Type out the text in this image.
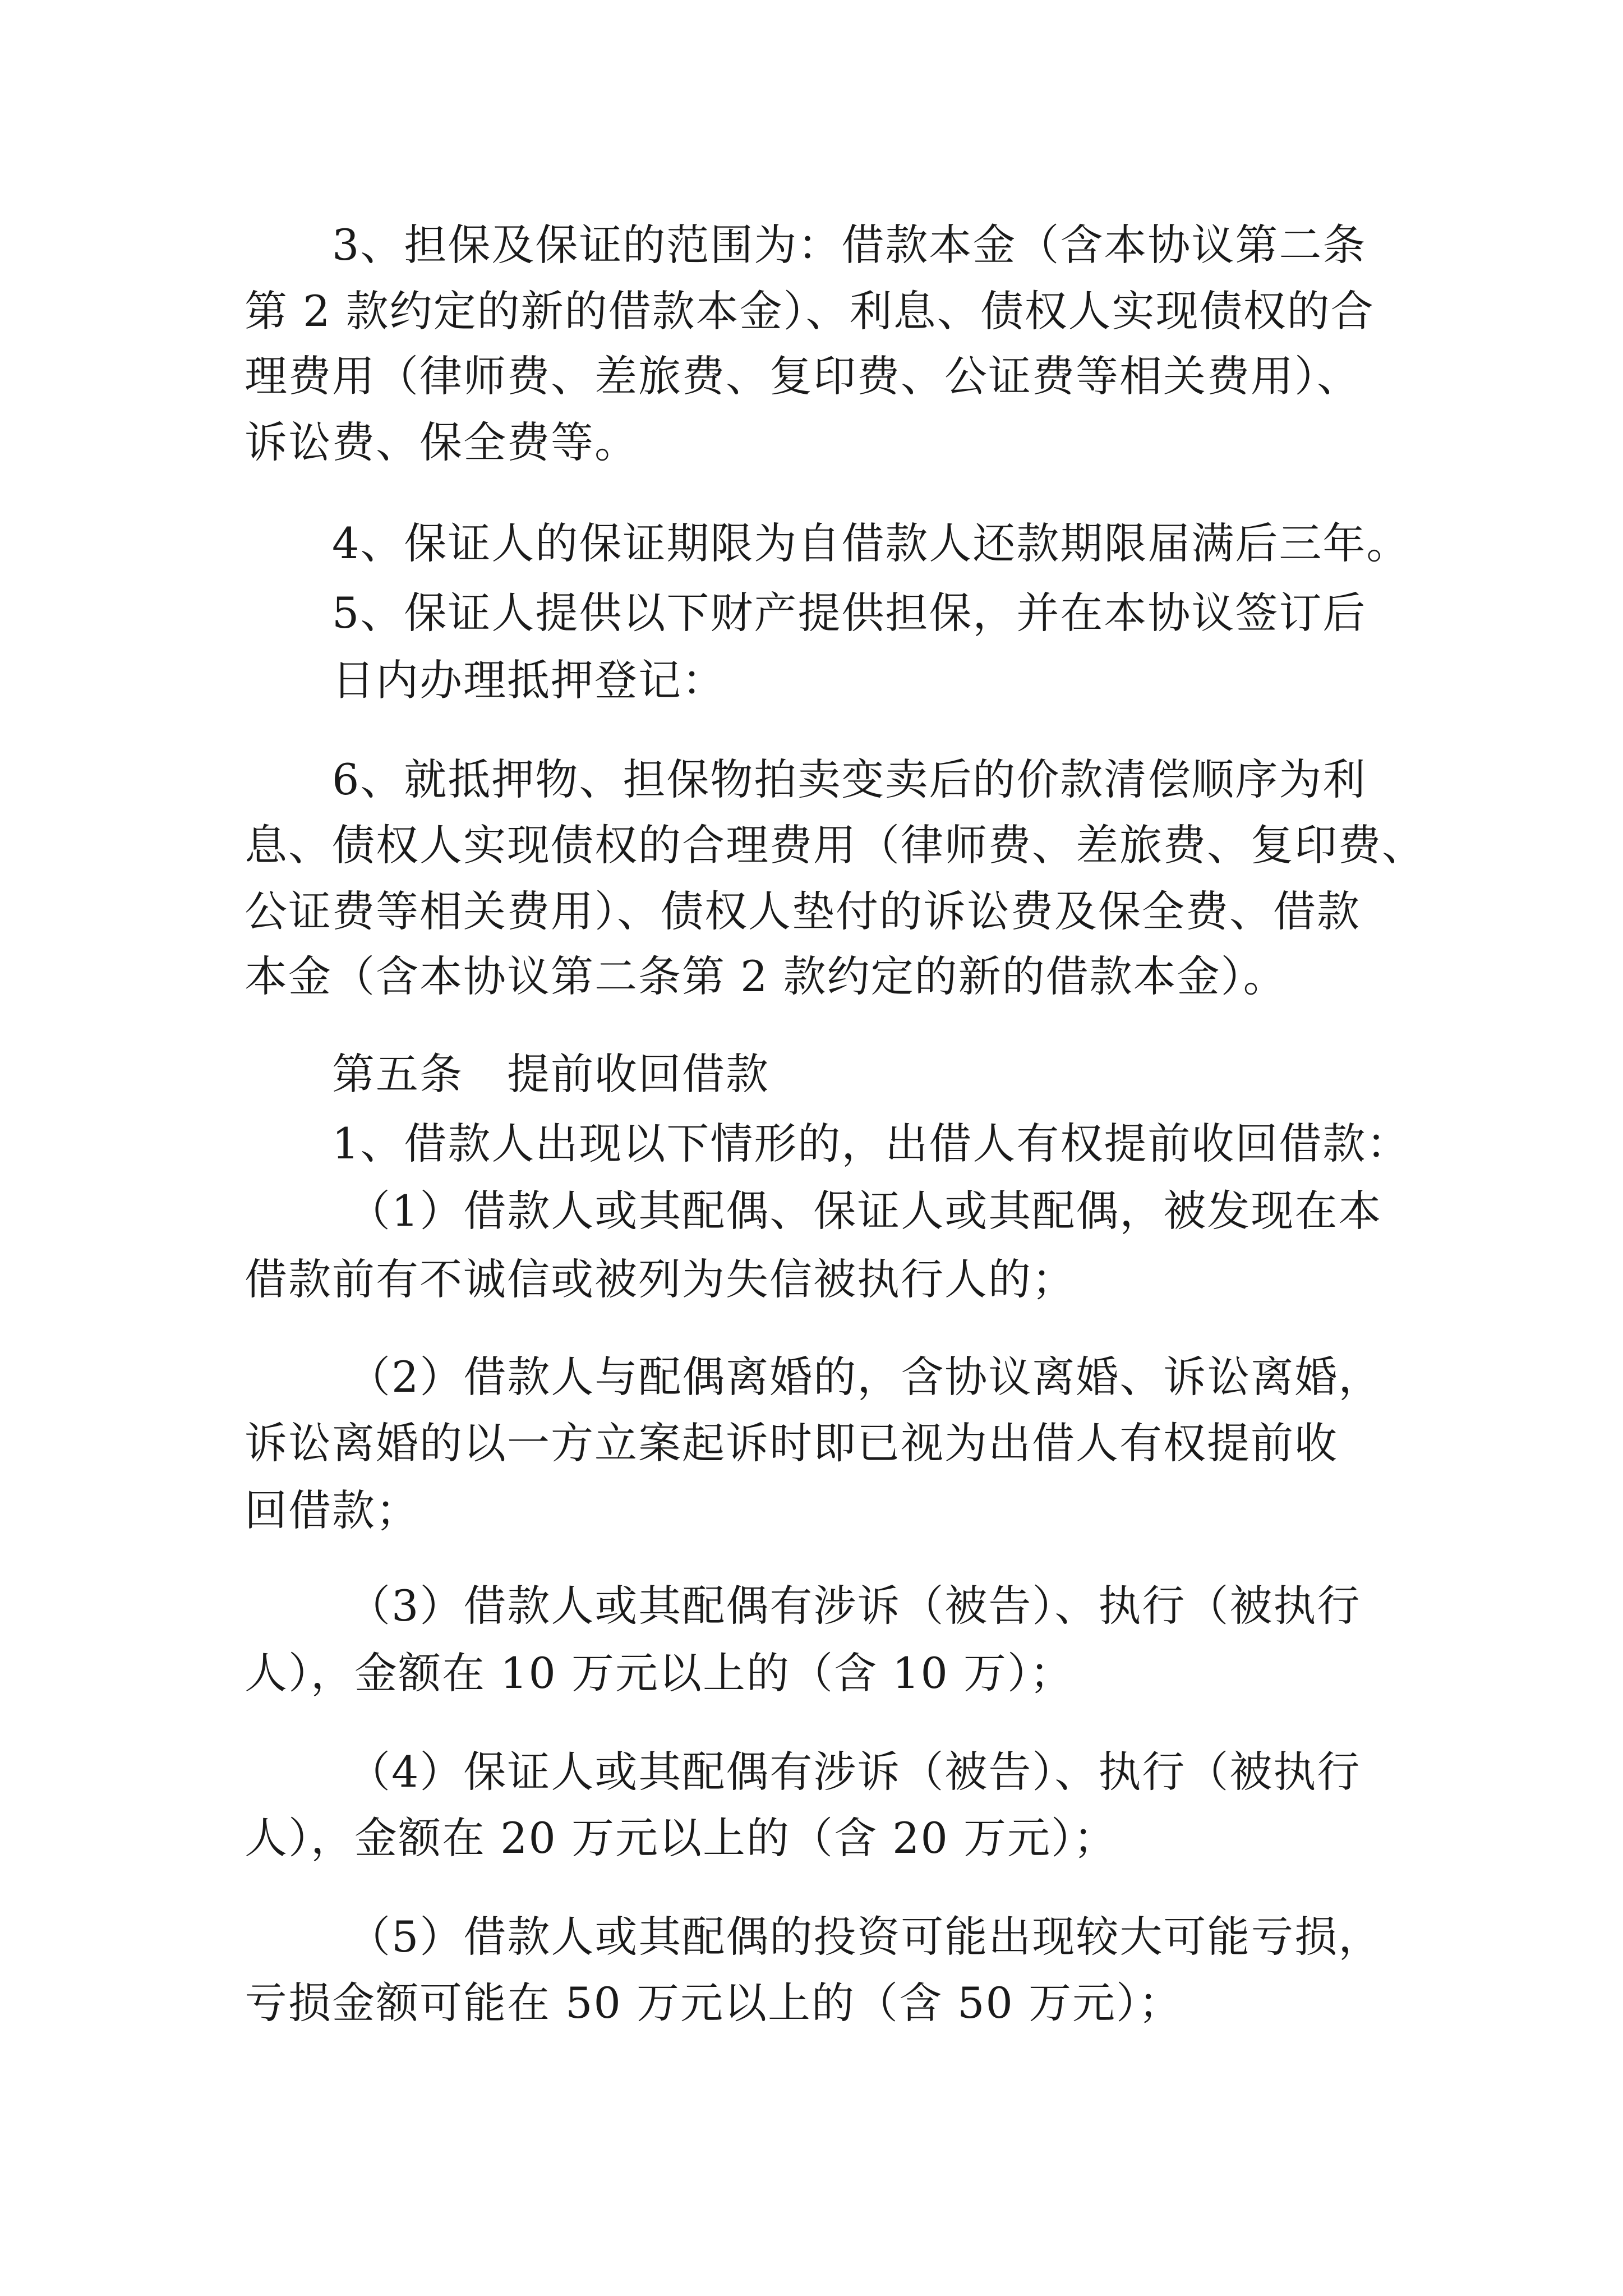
3、担保及保证的范围为：借款本金（含本协议第二条
第 2 款约定的新的借款本金）、利息、债权人实现债权的合
理费用（律师费、差旅费、复印费、公证费等相关费用）、
诉讼费、保全费等。
4、保证人的保证期限为自借款人还款期限届满后三年。
5、保证人提供以下财产提供担保，并在本协议签订后
日内办理抵押登记：
6、就抵押物、担保物拍卖变卖后的价款清偿顺序为利
息、债权人实现债权的合理费用（律师费、差旅费、复印费、
公证费等相关费用）、债权人垫付的诉讼费及保全费、借款
本金（含本协议第二条第 2 款约定的新的借款本金）。
第五条　提前收回借款
1、借款人出现以下情形的，出借人有权提前收回借款：
（1）借款人或其配偶、保证人或其配偶，被发现在本
借款前有不诚信或被列为失信被执行人的；
（2）借款人与配偶离婚的，含协议离婚、诉讼离婚，
诉讼离婚的以一方立案起诉时即已视为出借人有权提前收
回借款；
（3）借款人或其配偶有涉诉（被告）、执行（被执行
人），金额在 10 万元以上的（含 10 万）；
（4）保证人或其配偶有涉诉（被告）、执行（被执行
人），金额在 20 万元以上的（含 20 万元）；
（5）借款人或其配偶的投资可能出现较大可能亏损，
亏损金额可能在 50 万元以上的（含 50 万元）；
